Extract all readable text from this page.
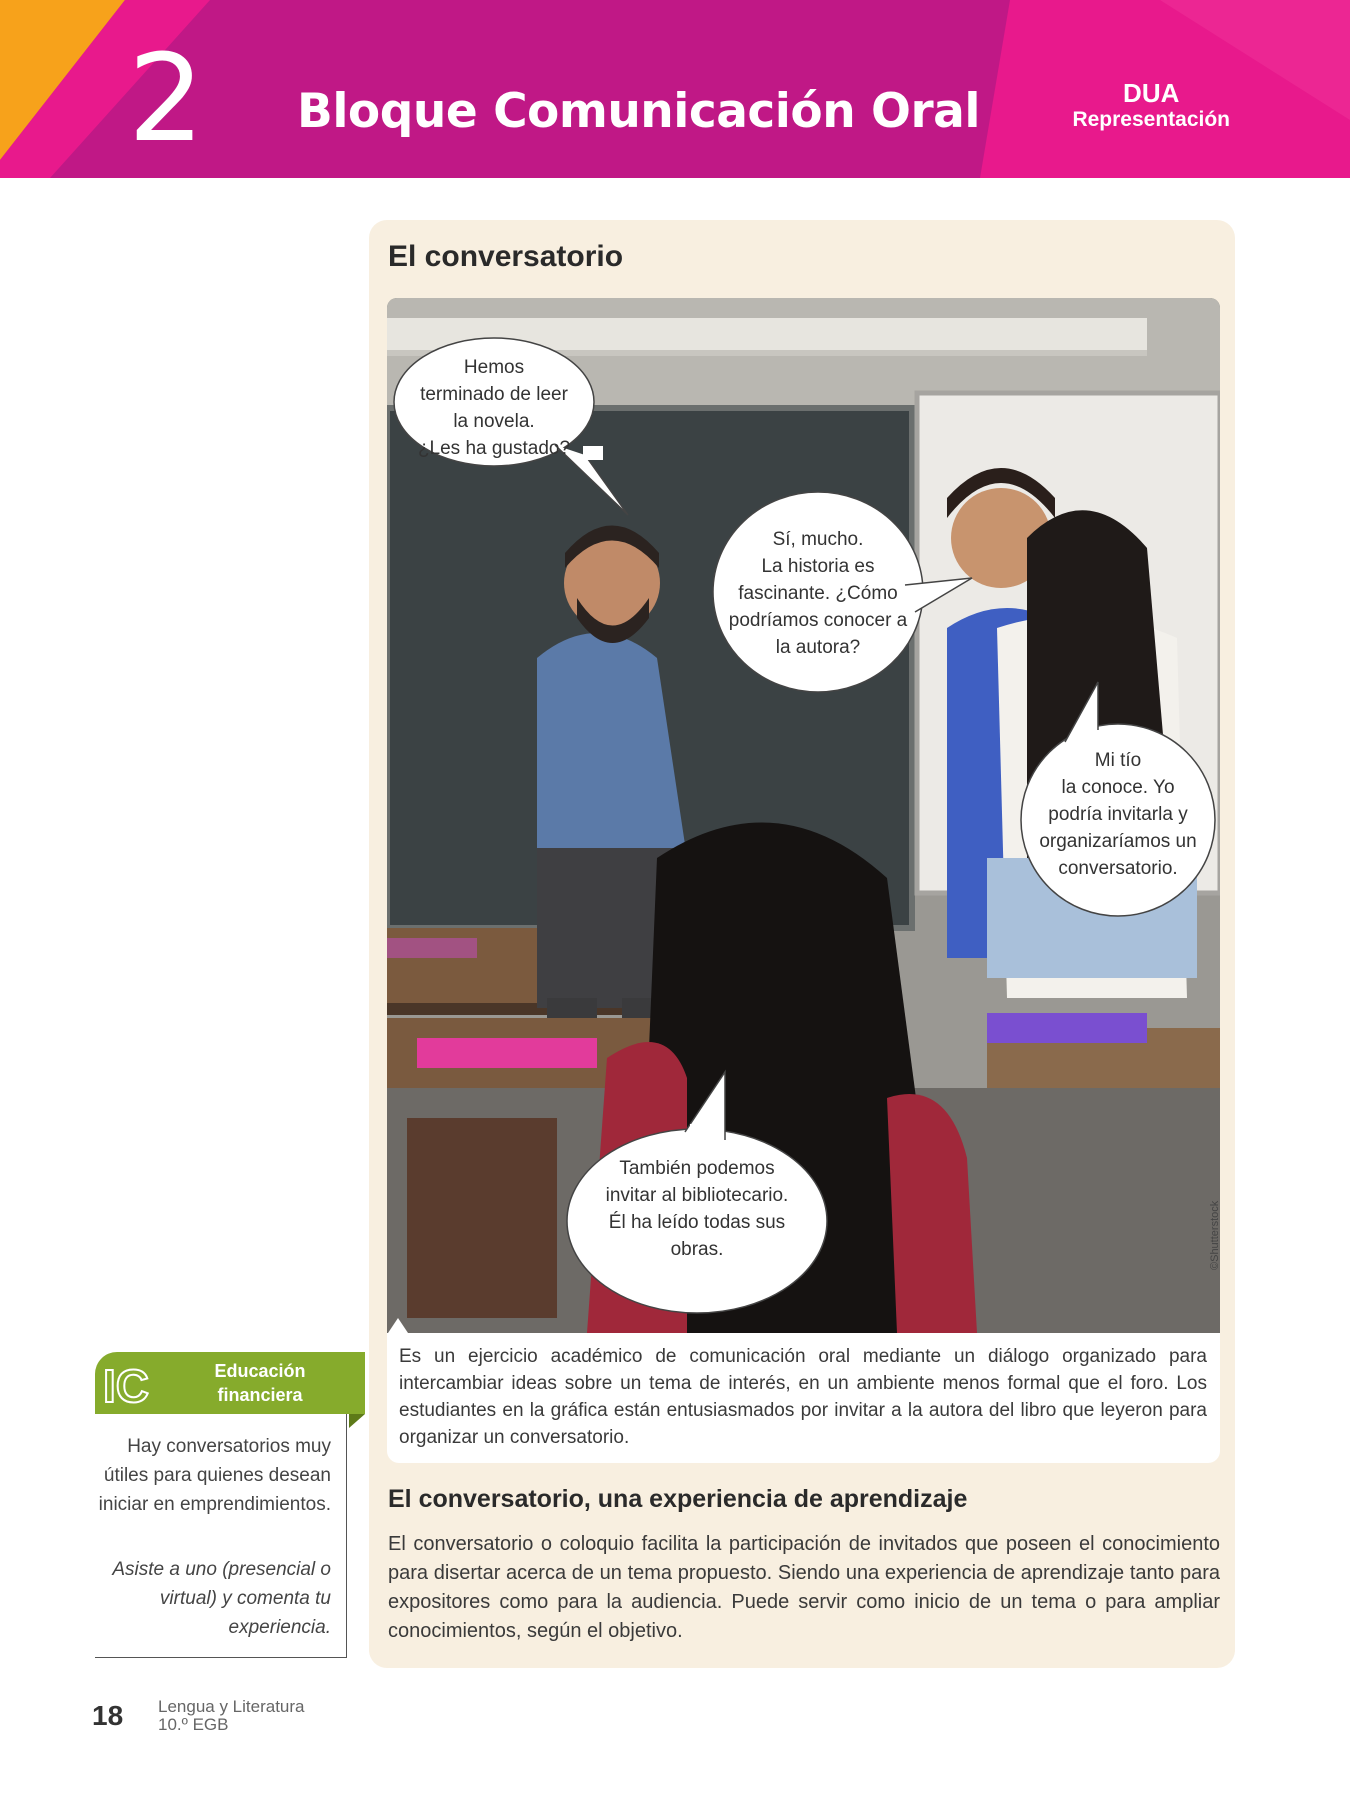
2 Bloque Comunicación Oral	DUA
Representación
El conversatorio
Hemos
terminado de leer
la novela.
¿Les ha gustado?
Sí, mucho.
La historia es
fascinante. ¿Cómo
podríamos conocer a
la autora?
Mi tío
la conoce. Yo
podría invitarla y
organizaríamos un
conversatorio.
También podemos
invitar al bibliotecario.
Él ha leído todas sus
obras.	©Shutterstock

Es un ejercicio académico de comunicación oral mediante un diálogo organizado para intercambiar ideas sobre un tema de interés, en un ambiente menos formal que el foro. Los estudiantes en la gráfica están entusiasmados por invitar a la autora del libro que leyeron para organizar un conversatorio.

El conversatorio, una experiencia de aprendizaje

El conversatorio o coloquio facilita la participación de invitados que poseen el conocimiento para disertar acerca de un tema propuesto. Siendo una experiencia de aprendizaje tanto para expositores como para la audiencia. Puede servir como inicio de un tema o para ampliar conocimientos, según el objetivo.

IC	Educación
financiera

Hay conversatorios muy útiles para quienes desean iniciar en emprendimientos.

Asiste a uno (presencial o virtual) y comenta tu experiencia.

18 Lengua y Literatura
10.º EGB
